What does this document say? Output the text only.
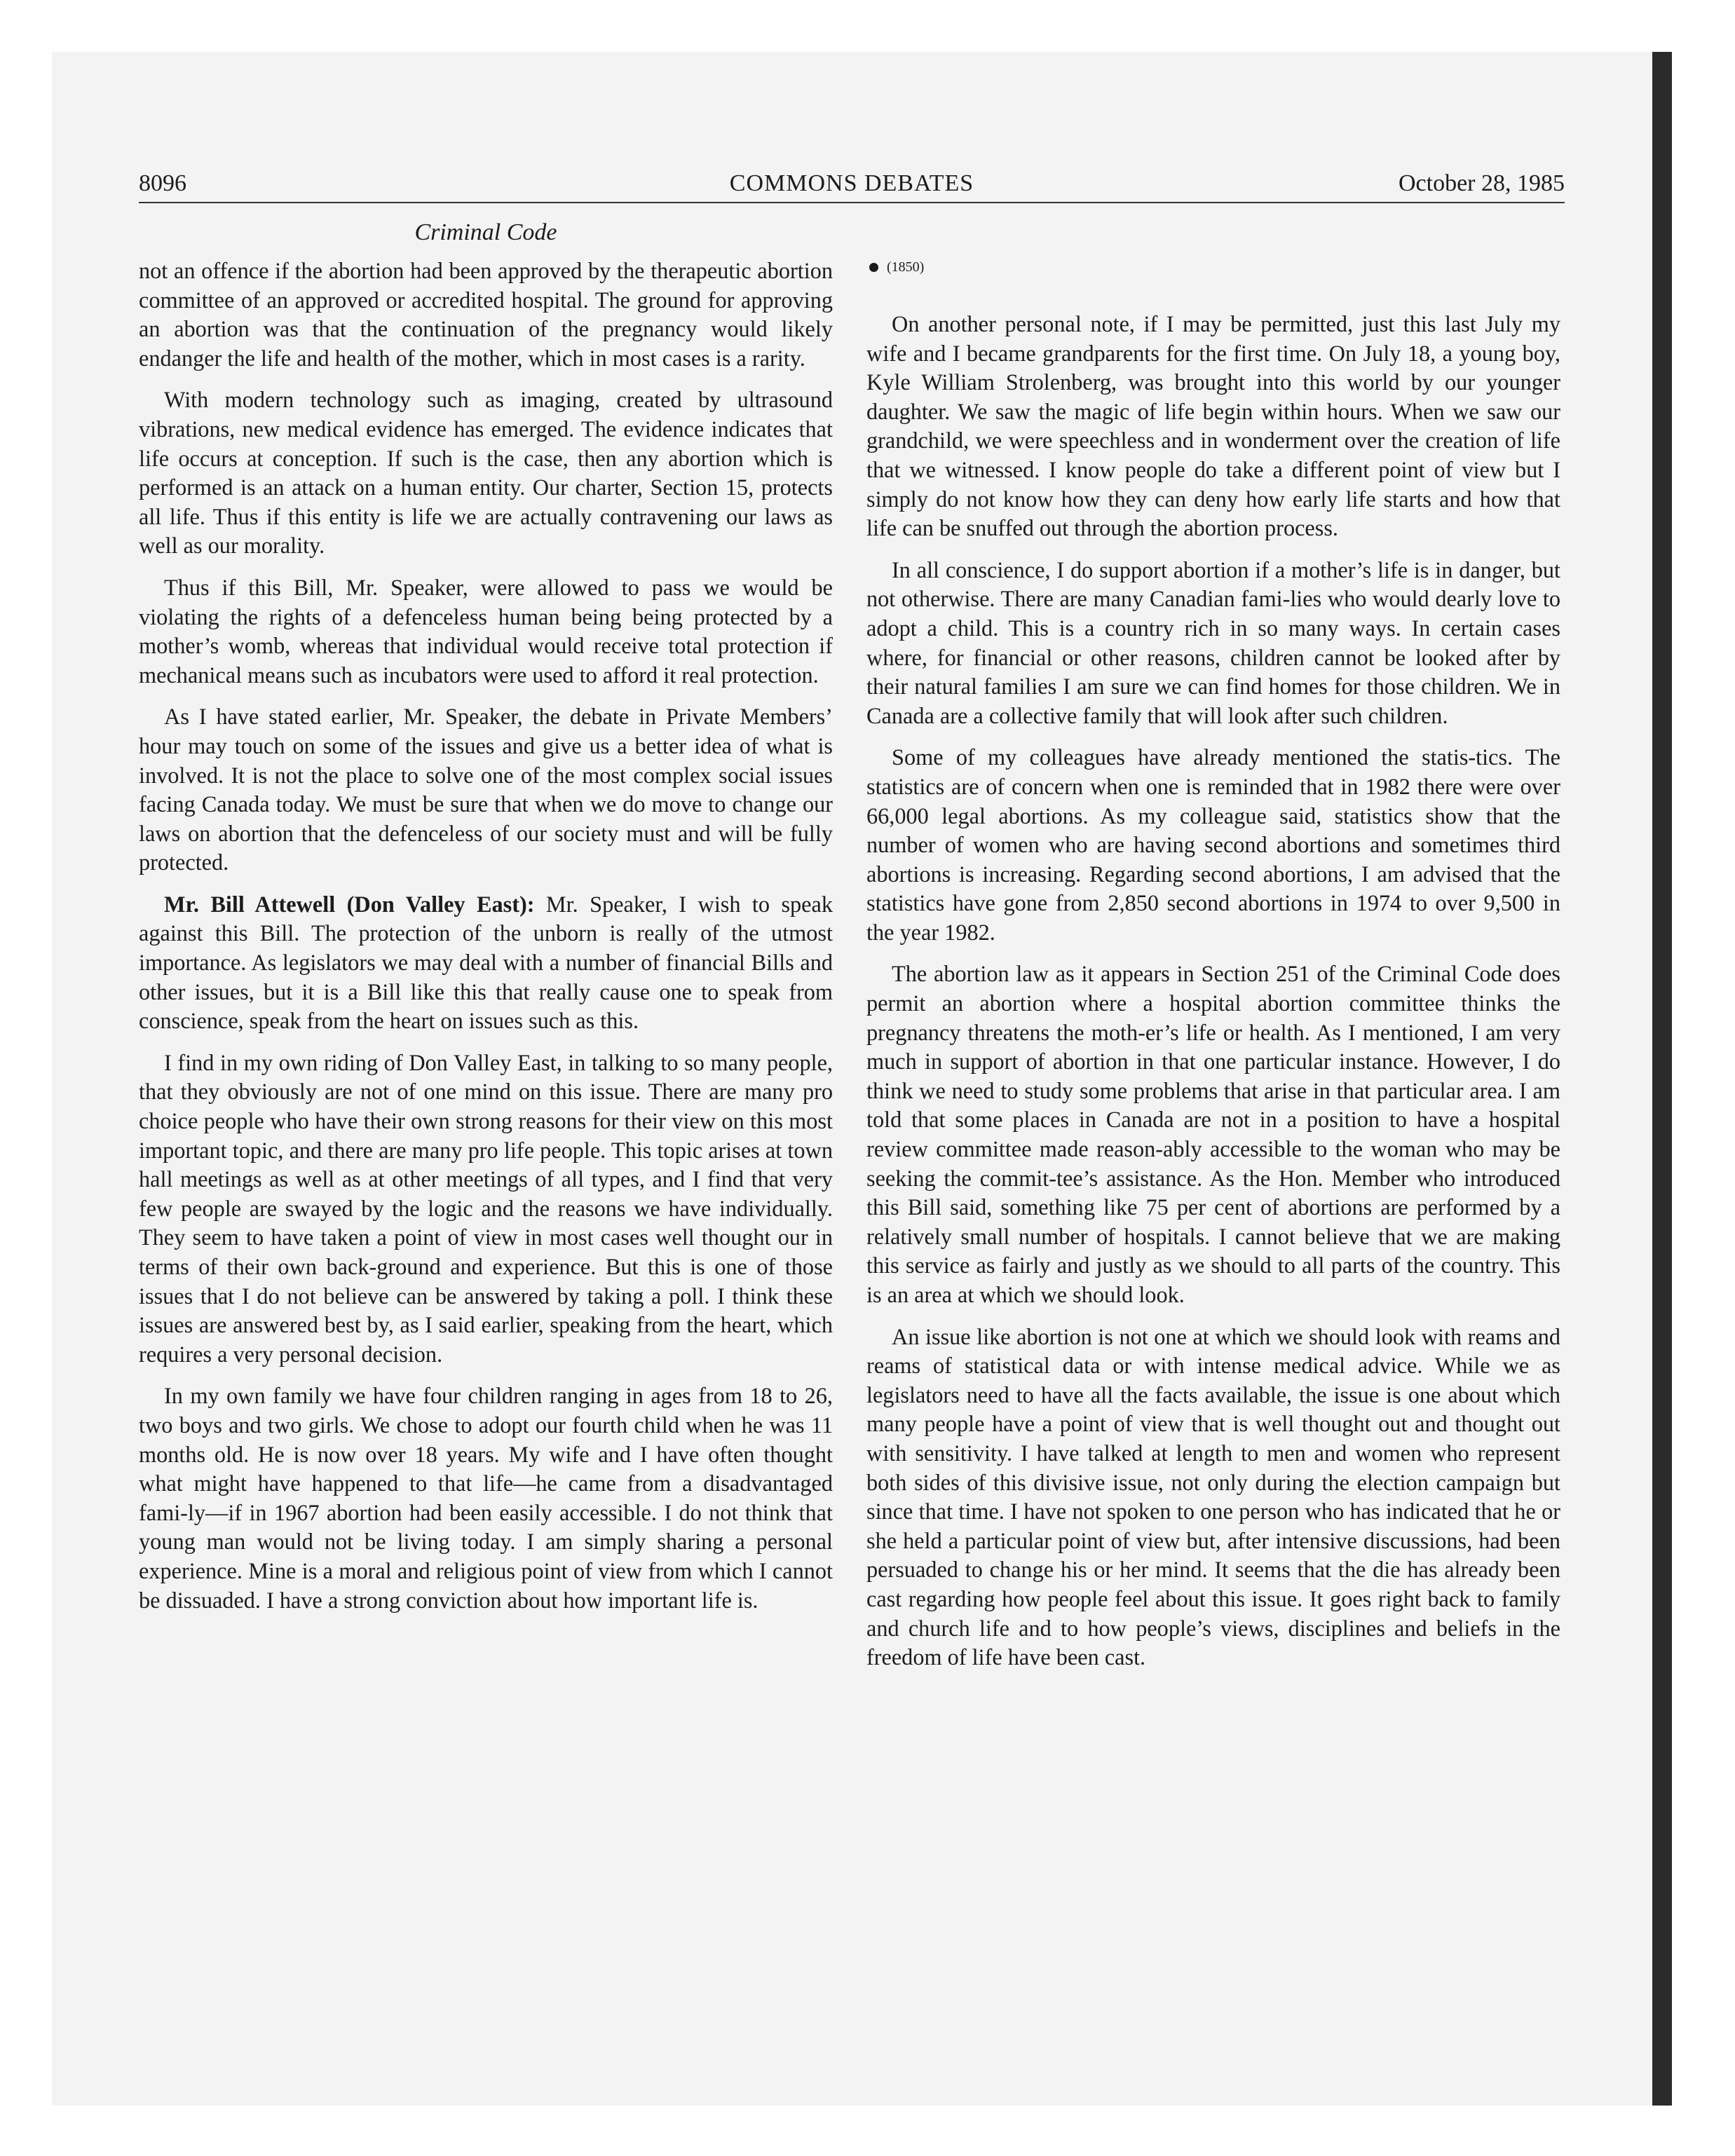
8096	COMMONS DEBATES	October 28, 1985
Criminal Code

not an offence if the abortion had been approved by the therapeutic abortion committee of an approved or accredited hospital. The ground for approving an abortion was that the continuation of the pregnancy would likely endanger the life and health of the mother, which in most cases is a rarity.

With modern technology such as imaging, created by ultrasound vibrations, new medical evidence has emerged. The evidence indicates that life occurs at conception. If such is the case, then any abortion which is performed is an attack on a human entity. Our charter, Section 15, protects all life. Thus if this entity is life we are actually contravening our laws as well as our morality.

Thus if this Bill, Mr. Speaker, were allowed to pass we would be violating the rights of a defenceless human being being protected by a mother’s womb, whereas that individual would receive total protection if mechanical means such as incubators were used to afford it real protection.

As I have stated earlier, Mr. Speaker, the debate in Private Members’ hour may touch on some of the issues and give us a better idea of what is involved. It is not the place to solve one of the most complex social issues facing Canada today. We must be sure that when we do move to change our laws on abortion that the defenceless of our society must and will be fully protected.

Mr. Bill Attewell (Don Valley East): Mr. Speaker, I wish to speak against this Bill. The protection of the unborn is really of the utmost importance. As legislators we may deal with a number of financial Bills and other issues, but it is a Bill like this that really cause one to speak from conscience, speak from the heart on issues such as this.

I find in my own riding of Don Valley East, in talking to so many people, that they obviously are not of one mind on this issue. There are many pro choice people who have their own strong reasons for their view on this most important topic, and there are many pro life people. This topic arises at town hall meetings as well as at other meetings of all types, and I find that very few people are swayed by the logic and the reasons we have individually. They seem to have taken a point of view in most cases well thought our in terms of their own back-ground and experience. But this is one of those issues that I do not believe can be answered by taking a poll. I think these issues are answered best by, as I said earlier, speaking from the heart, which requires a very personal decision.

In my own family we have four children ranging in ages from 18 to 26, two boys and two girls. We chose to adopt our fourth child when he was 11 months old. He is now over 18 years. My wife and I have often thought what might have happened to that life—he came from a disadvantaged fami-ly—if in 1967 abortion had been easily accessible. I do not think that young man would not be living today. I am simply sharing a personal experience. Mine is a moral and religious point of view from which I cannot be dissuaded. I have a strong conviction about how important life is.

(1850)

On another personal note, if I may be permitted, just this last July my wife and I became grandparents for the first time. On July 18, a young boy, Kyle William Strolenberg, was brought into this world by our younger daughter. We saw the magic of life begin within hours. When we saw our grandchild, we were speechless and in wonderment over the creation of life that we witnessed. I know people do take a different point of view but I simply do not know how they can deny how early life starts and how that life can be snuffed out through the abortion process.

In all conscience, I do support abortion if a mother’s life is in danger, but not otherwise. There are many Canadian fami-lies who would dearly love to adopt a child. This is a country rich in so many ways. In certain cases where, for financial or other reasons, children cannot be looked after by their natural families I am sure we can find homes for those children. We in Canada are a collective family that will look after such children.

Some of my colleagues have already mentioned the statis-tics. The statistics are of concern when one is reminded that in 1982 there were over 66,000 legal abortions. As my colleague said, statistics show that the number of women who are having second abortions and sometimes third abortions is increasing. Regarding second abortions, I am advised that the statistics have gone from 2,850 second abortions in 1974 to over 9,500 in the year 1982.

The abortion law as it appears in Section 251 of the Criminal Code does permit an abortion where a hospital abortion committee thinks the pregnancy threatens the moth-er’s life or health. As I mentioned, I am very much in support of abortion in that one particular instance. However, I do think we need to study some problems that arise in that particular area. I am told that some places in Canada are not in a position to have a hospital review committee made reason-ably accessible to the woman who may be seeking the commit-tee’s assistance. As the Hon. Member who introduced this Bill said, something like 75 per cent of abortions are performed by a relatively small number of hospitals. I cannot believe that we are making this service as fairly and justly as we should to all parts of the country. This is an area at which we should look.

An issue like abortion is not one at which we should look with reams and reams of statistical data or with intense medical advice. While we as legislators need to have all the facts available, the issue is one about which many people have a point of view that is well thought out and thought out with sensitivity. I have talked at length to men and women who represent both sides of this divisive issue, not only during the election campaign but since that time. I have not spoken to one person who has indicated that he or she held a particular point of view but, after intensive discussions, had been persuaded to change his or her mind. It seems that the die has already been cast regarding how people feel about this issue. It goes right back to family and church life and to how people’s views, disciplines and beliefs in the freedom of life have been cast.
